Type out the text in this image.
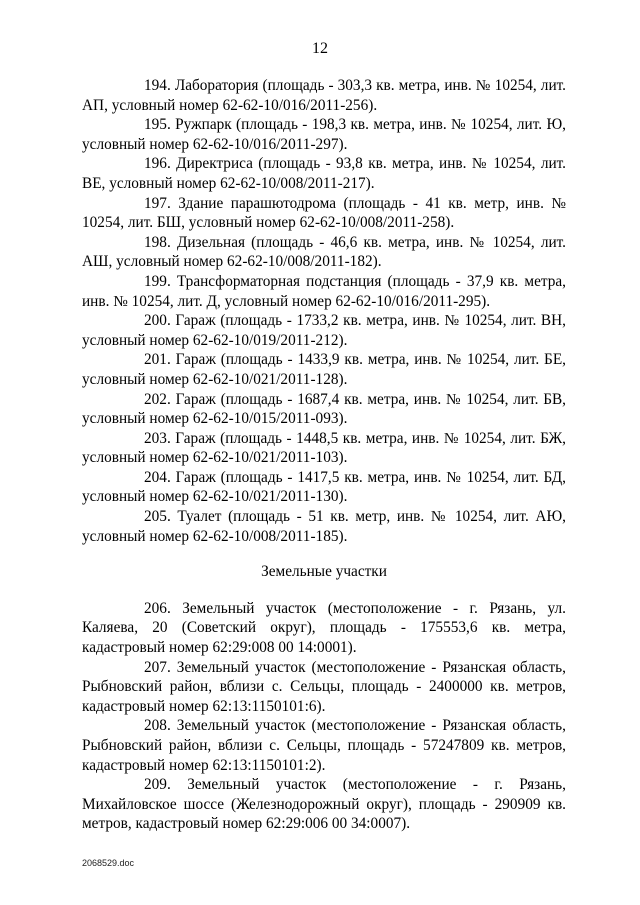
12

194. Лаборатория (площадь - 303,3 кв. метра, инв. № 10254, лит. АП, условный номер 62-62-10/016/2011-256).

195. Ружпарк (площадь - 198,3 кв. метра, инв. № 10254, лит. Ю, условный номер 62-62-10/016/2011-297).

196. Директриса (площадь - 93,8 кв. метра, инв. № 10254, лит. ВЕ, условный номер 62-62-10/008/2011-217).

197. Здание парашютодрома (площадь - 41 кв. метр, инв. № 10254, лит. БШ, условный номер 62-62-10/008/2011-258).

198. Дизельная (площадь - 46,6 кв. метра, инв. № 10254, лит. АШ, условный номер 62-62-10/008/2011-182).

199. Трансформаторная подстанция (площадь - 37,9 кв. метра, инв. № 10254, лит. Д, условный номер 62-62-10/016/2011-295).

200. Гараж (площадь - 1733,2 кв. метра, инв. № 10254, лит. ВН, условный номер 62-62-10/019/2011-212).

201. Гараж (площадь - 1433,9 кв. метра, инв. № 10254, лит. БЕ, условный номер 62-62-10/021/2011-128).

202. Гараж (площадь - 1687,4 кв. метра, инв. № 10254, лит. БВ, условный номер 62-62-10/015/2011-093).

203. Гараж (площадь - 1448,5 кв. метра, инв. № 10254, лит. БЖ, условный номер 62-62-10/021/2011-103).

204. Гараж (площадь - 1417,5 кв. метра, инв. № 10254, лит. БД, условный номер 62-62-10/021/2011-130).

205. Туалет (площадь - 51 кв. метр, инв. № 10254, лит. АЮ, условный номер 62-62-10/008/2011-185).

Земельные участки

206. Земельный участок (местоположение - г. Рязань, ул. Каляева, 20 (Советский округ), площадь - 175553,6 кв. метра, кадастровый номер 62:29:008 00 14:0001).

207. Земельный участок (местоположение - Рязанская область, Рыбновский район, вблизи с. Сельцы, площадь - 2400000 кв. метров, кадастровый номер 62:13:1150101:6).

208. Земельный участок (местоположение - Рязанская область, Рыбновский район, вблизи с. Сельцы, площадь - 57247809 кв. метров, кадастровый номер 62:13:1150101:2).

209. Земельный участок (местоположение - г. Рязань, Михайловское шоссе (Железнодорожный округ), площадь - 290909 кв. метров, кадастровый номер 62:29:006 00 34:0007).

2068529.doc
